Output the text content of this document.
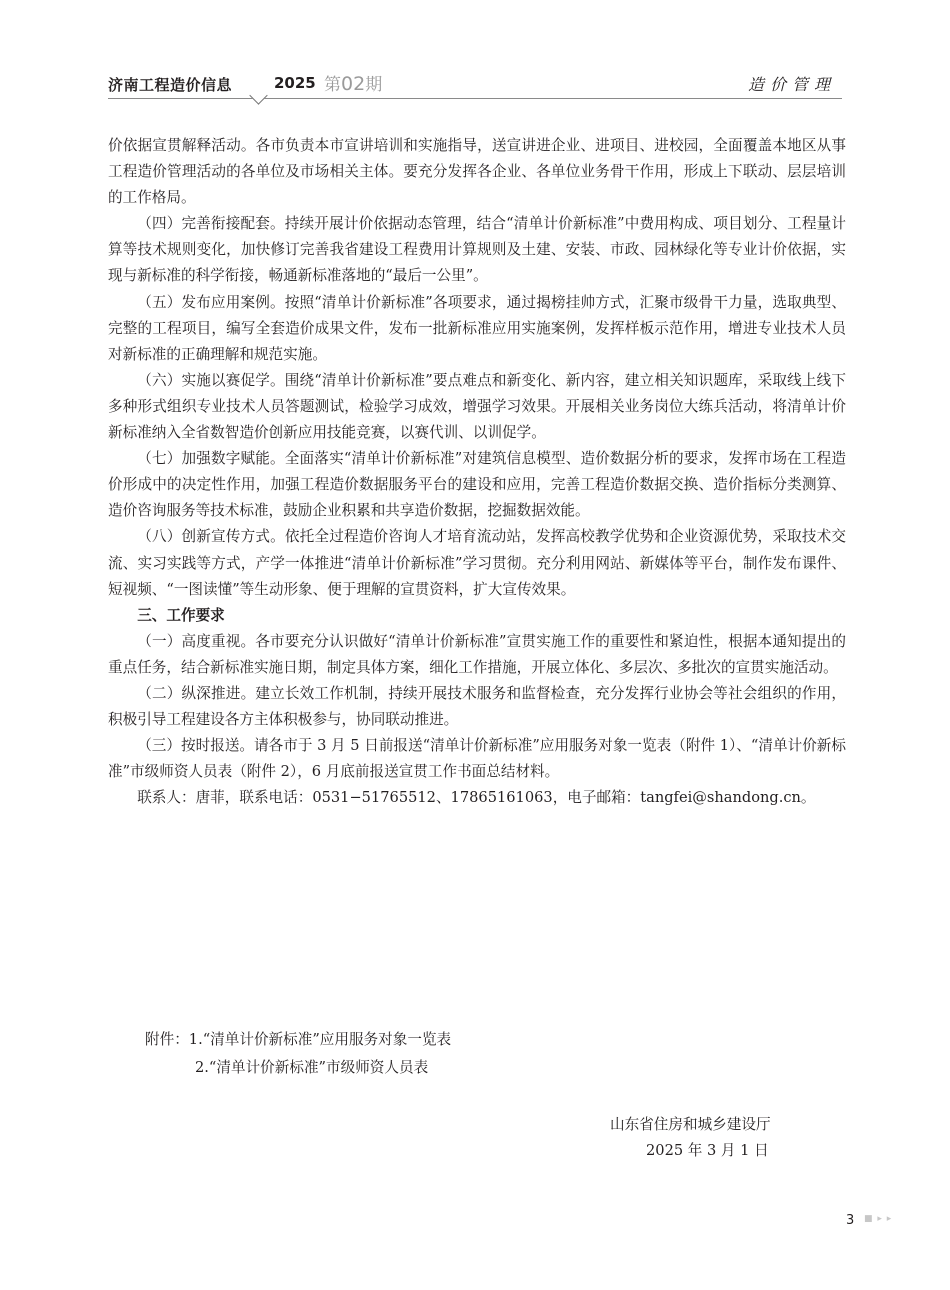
济南工程造价信息	2025 第02期	造价管理

价依据宣贯解释活动。各市负责本市宣讲培训和实施指导，送宣讲进企业、进项目、进校园，全面覆盖本地区从事工程造价管理活动的各单位及市场相关主体。要充分发挥各企业、各单位业务骨干作用，形成上下联动、层层培训的工作格局。

（四）完善衔接配套。持续开展计价依据动态管理，结合“清单计价新标准”中费用构成、项目划分、工程量计算等技术规则变化，加快修订完善我省建设工程费用计算规则及土建、安装、市政、园林绿化等专业计价依据，实现与新标准的科学衔接，畅通新标准落地的“最后一公里”。

（五）发布应用案例。按照“清单计价新标准”各项要求，通过揭榜挂帅方式，汇聚市级骨干力量，选取典型、完整的工程项目，编写全套造价成果文件，发布一批新标准应用实施案例，发挥样板示范作用，增进专业技术人员对新标准的正确理解和规范实施。

（六）实施以赛促学。围绕“清单计价新标准”要点难点和新变化、新内容，建立相关知识题库，采取线上线下多种形式组织专业技术人员答题测试，检验学习成效，增强学习效果。开展相关业务岗位大练兵活动，将清单计价新标准纳入全省数智造价创新应用技能竞赛，以赛代训、以训促学。

（七）加强数字赋能。全面落实“清单计价新标准”对建筑信息模型、造价数据分析的要求，发挥市场在工程造价形成中的决定性作用，加强工程造价数据服务平台的建设和应用，完善工程造价数据交换、造价指标分类测算、造价咨询服务等技术标准，鼓励企业积累和共享造价数据，挖掘数据效能。

（八）创新宣传方式。依托全过程造价咨询人才培育流动站，发挥高校教学优势和企业资源优势，采取技术交流、实习实践等方式，产学一体推进“清单计价新标准”学习贯彻。充分利用网站、新媒体等平台，制作发布课件、短视频、“一图读懂”等生动形象、便于理解的宣贯资料，扩大宣传效果。

三、工作要求

（一）高度重视。各市要充分认识做好“清单计价新标准”宣贯实施工作的重要性和紧迫性，根据本通知提出的重点任务，结合新标准实施日期，制定具体方案，细化工作措施，开展立体化、多层次、多批次的宣贯实施活动。

（二）纵深推进。建立长效工作机制，持续开展技术服务和监督检查，充分发挥行业协会等社会组织的作用，积极引导工程建设各方主体积极参与，协同联动推进。

（三）按时报送。请各市于 3 月 5 日前报送“清单计价新标准”应用服务对象一览表（附件 1）、“清单计价新标准”市级师资人员表（附件 2），6 月底前报送宣贯工作书面总结材料。

联系人：唐菲，联系电话：0531−51765512、17865161063，电子邮箱：tangfei@shandong.cn。

附件：1.“清单计价新标准”应用服务对象一览表
2.“清单计价新标准”市级师资人员表
山东省住房和城乡建设厅
2025 年 3 月 1 日
3 ■ ▸ ▸
